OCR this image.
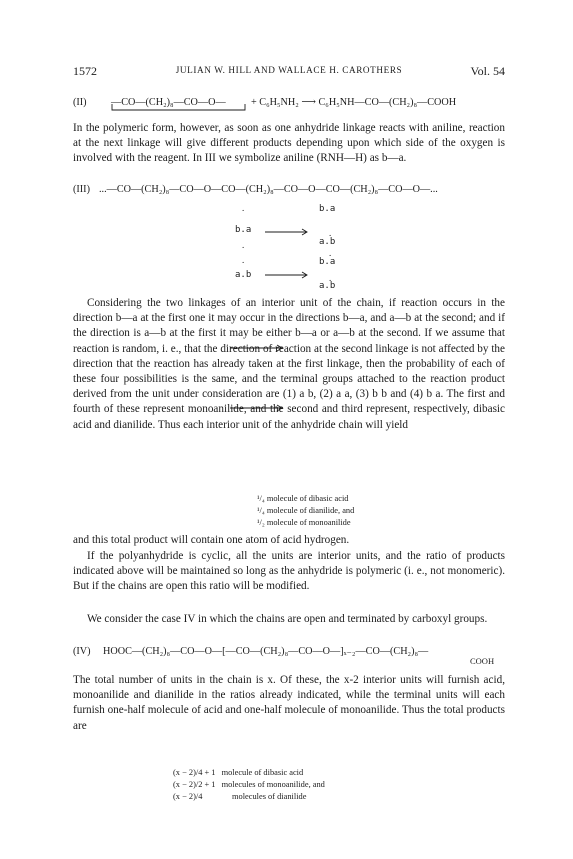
1572	JULIAN W. HILL AND WALLACE H. CAROTHERS	Vol. 54
(II) —CO—(CH₂)₈—CO—O— + C₆H₅NH₂ ⟶ C₆H₅NH—CO—(CH₂)₈—COOH

In the polymeric form, however, as soon as one anhydride linkage reacts with aniline, reaction at the next linkage will give different products depending upon which side of the oxygen is involved with the reagent. In III we symbolize aniline (RNH—H) as b—a.

(III) ...—CO—(CH₂)₈—CO—O—CO—(CH₂)₈—CO—O—CO—(CH₂)₈—CO—O—...
.	b.a
b.a	.
a.b
.
.
.	b.a
a.b	.
a.b

Considering the two linkages of an interior unit of the chain, if reaction occurs in the direction b—a at the first one it may occur in the directions b—a, and a—b at the second; and if the direction is a—b at the first it may be either b—a or a—b at the second. If we assume that reaction is random, i. e., that the direction of reaction at the second linkage is not affected by the direction that the reaction has already taken at the first linkage, then the probability of each of these four possibilities is the same, and the terminal groups attached to the reaction product derived from the unit under consideration are (1) a b, (2) a a, (3) b b and (4) b a. The first and fourth of these represent monoanilide, and the second and third represent, respectively, dibasic acid and dianilide. Thus each interior unit of the anhydride chain will yield

¹/₄ molecule of dibasic acid
¹/₄ molecule of dianilide, and
¹/₂ molecule of monoanilide

and this total product will contain one atom of acid hydrogen.

If the polyanhydride is cyclic, all the units are interior units, and the ratio of products indicated above will be maintained so long as the anhydride is polymeric (i. e., not monomeric). But if the chains are open this ratio will be modified.

We consider the case IV in which the chains are open and terminated by carboxyl groups.

(IV) HOOC—(CH₂)₈—CO—O—[—CO—(CH₂)₈—CO—O—]ₓ₋₂—CO—(CH₂)₈—
COOH

The total number of units in the chain is x. Of these, the x-2 interior units will furnish acid, monoanilide and dianilide in the ratios already indicated, while the terminal units will each furnish one-half molecule of acid and one-half molecule of monoanilide. Thus the total products are

(x − 2)/4 + 1 molecule of dibasic acid
(x − 2)/2 + 1 molecules of monoanilide, and
(x − 2)/4	molecules of dianilide
